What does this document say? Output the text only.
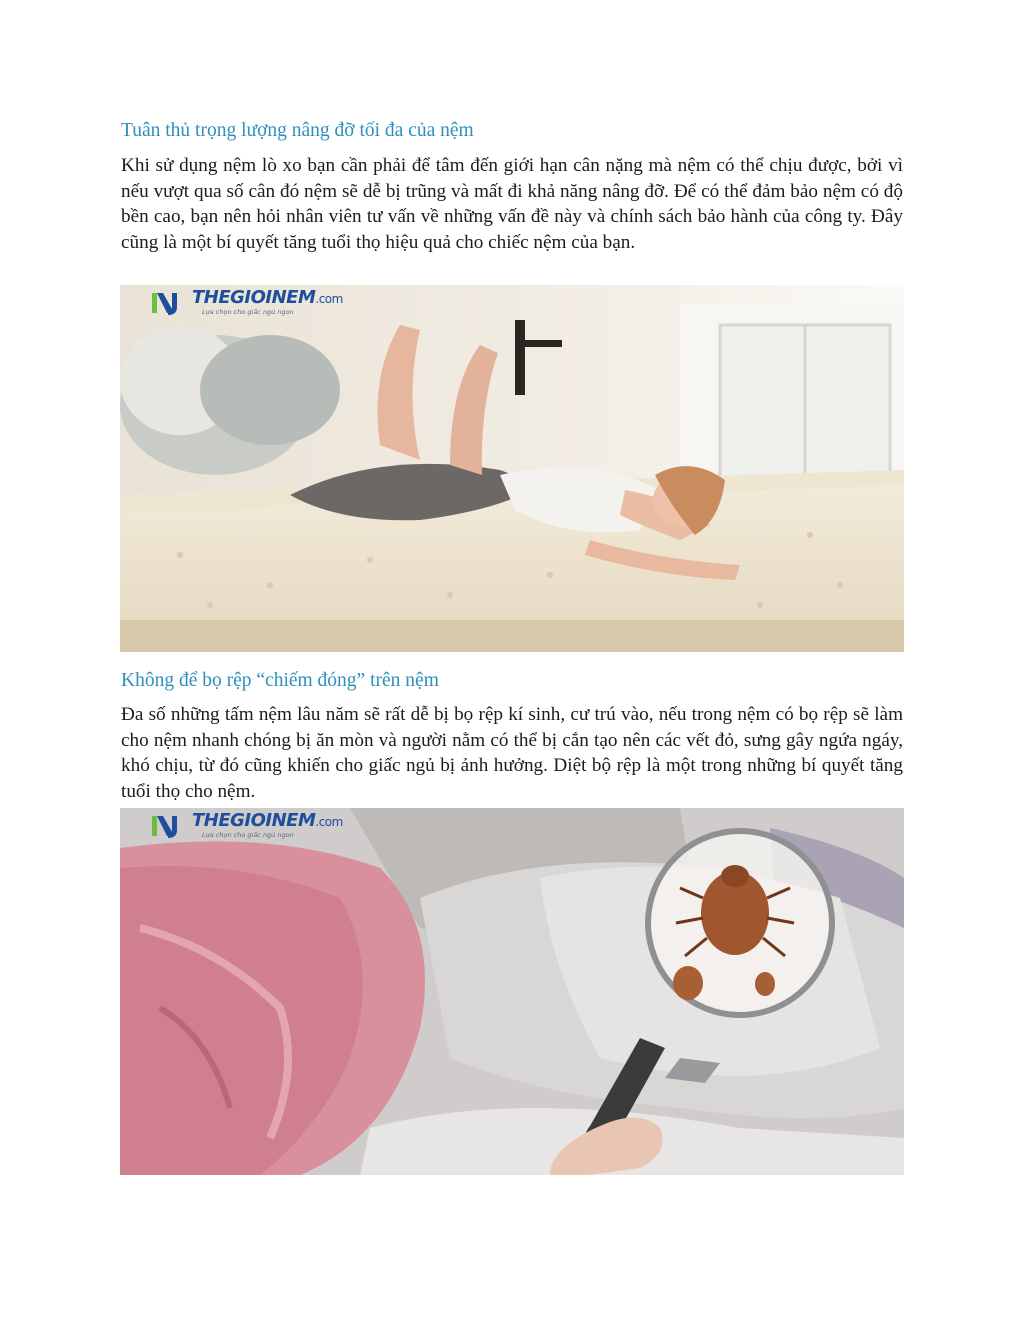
Tuân thủ trọng lượng nâng đỡ tối đa của nệm

Khi sử dụng nệm lò xo bạn cần phải để tâm đến giới hạn cân nặng mà nệm có thể chịu được, bởi vì nếu vượt qua số cân đó nệm sẽ dễ bị trũng và mất đi khả năng nâng đỡ. Để có thể đảm bảo nệm có độ bền cao, bạn nên hỏi nhân viên tư vấn về những vấn đề này và chính sách bảo hành của công ty. Đây cũng là một bí quyết tăng tuổi thọ hiệu quả cho chiếc nệm của bạn.

THEGIOINEM.com
Lựa chọn cho giấc ngủ ngon
Không để bọ rệp “chiếm đóng” trên nệm

Đa số những tấm nệm lâu năm sẽ rất dễ bị bọ rệp kí sinh, cư trú vào, nếu trong nệm có bọ rệp sẽ làm cho nệm nhanh chóng bị ăn mòn và người nằm có thể bị cắn tạo nên các vết đỏ, sưng gây ngứa ngáy, khó chịu, từ đó cũng khiến cho giấc ngủ bị ảnh hưởng. Diệt bộ rệp là một trong những bí quyết tăng tuổi thọ cho nệm.

THEGIOINEM.com
Lựa chọn cho giấc ngủ ngon
